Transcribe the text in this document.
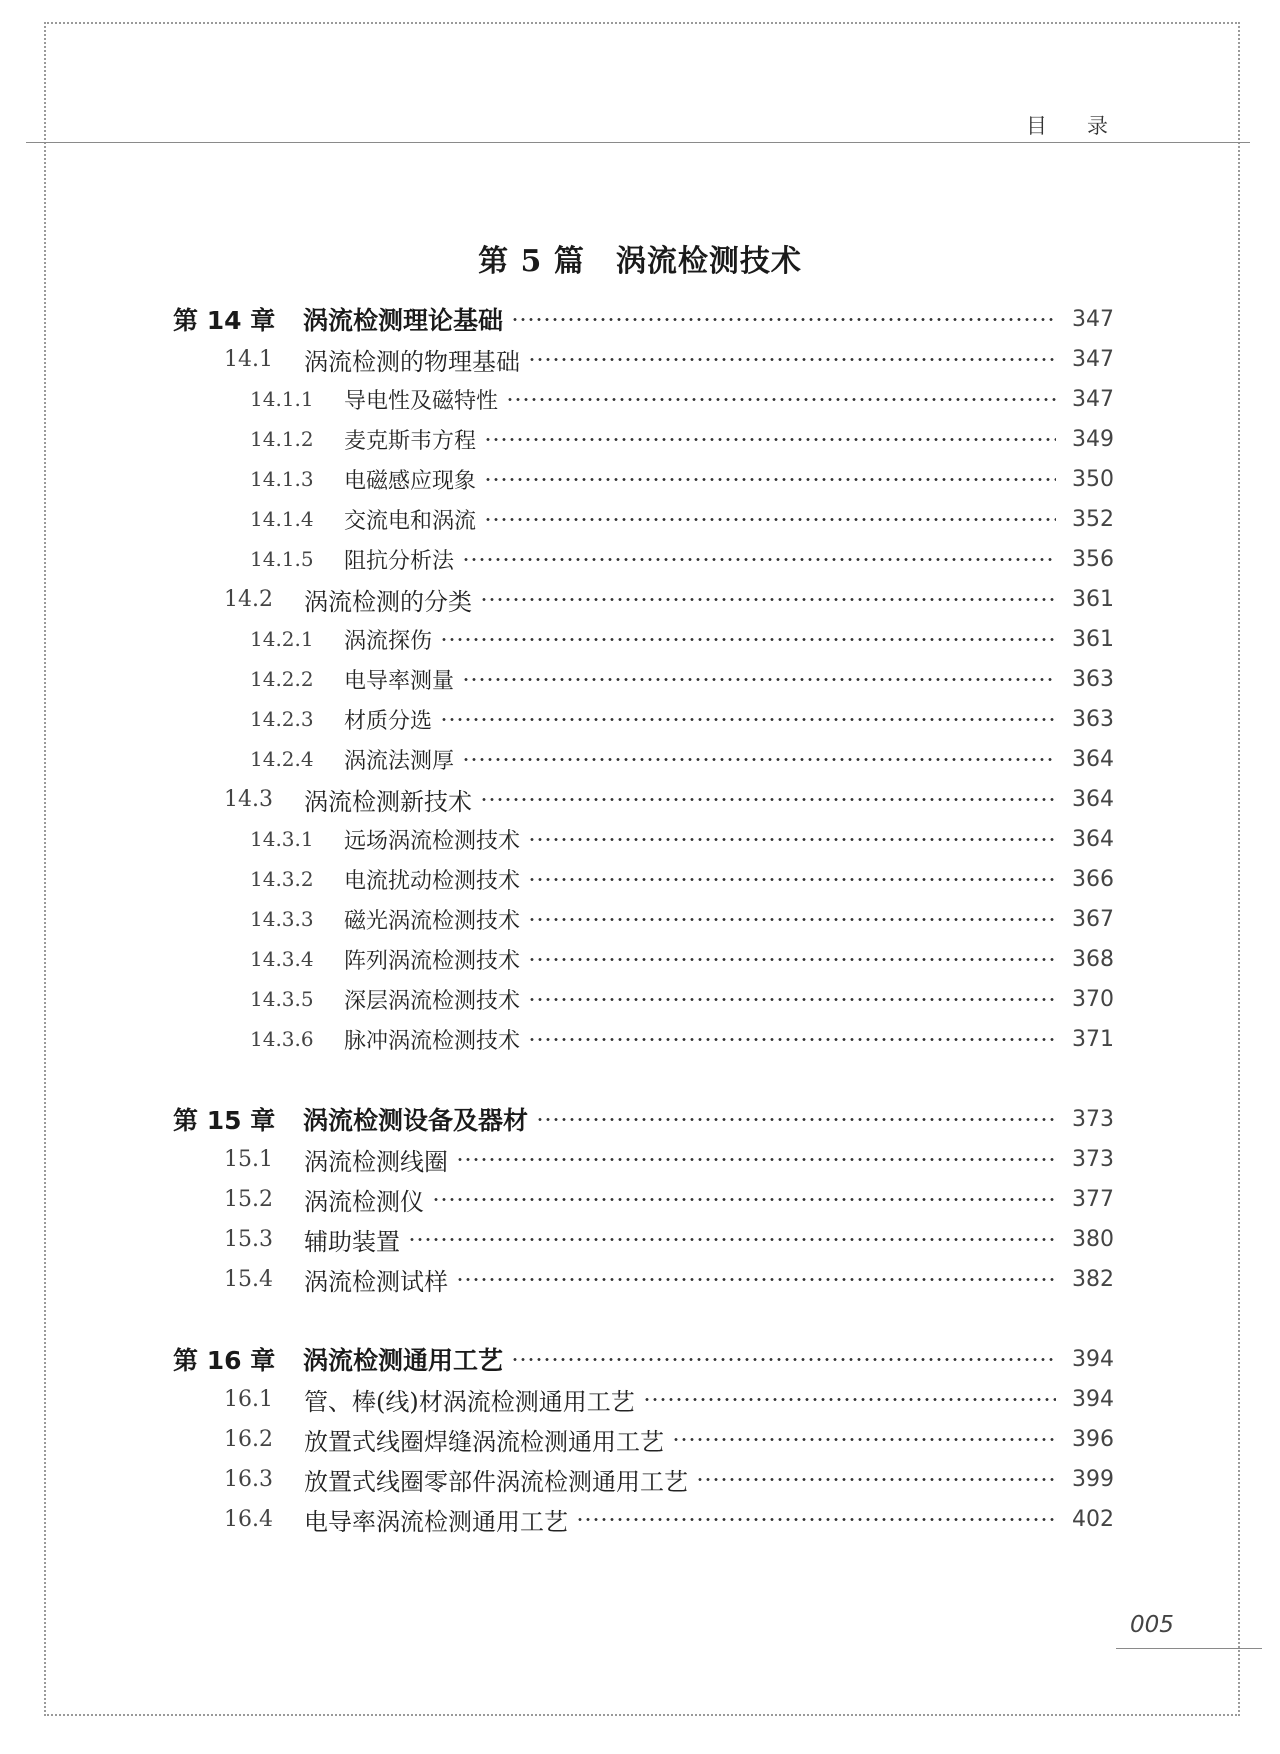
目录
第 5 篇　涡流检测技术
第 14 章	涡流检测理论基础	347
14.1	涡流检测的物理基础	347
14.1.1	导电性及磁特性	347
14.1.2	麦克斯韦方程	349
14.1.3	电磁感应现象	350
14.1.4	交流电和涡流	352
14.1.5	阻抗分析法	356
14.2	涡流检测的分类	361
14.2.1	涡流探伤	361
14.2.2	电导率测量	363
14.2.3	材质分选	363
14.2.4	涡流法测厚	364
14.3	涡流检测新技术	364
14.3.1	远场涡流检测技术	364
14.3.2	电流扰动检测技术	366
14.3.3	磁光涡流检测技术	367
14.3.4	阵列涡流检测技术	368
14.3.5	深层涡流检测技术	370
14.3.6	脉冲涡流检测技术	371
第 15 章	涡流检测设备及器材	373
15.1	涡流检测线圈	373
15.2	涡流检测仪	377
15.3	辅助装置	380
15.4	涡流检测试样	382
第 16 章	涡流检测通用工艺	394
16.1	管、棒(线)材涡流检测通用工艺	394
16.2	放置式线圈焊缝涡流检测通用工艺	396
16.3	放置式线圈零部件涡流检测通用工艺	399
16.4	电导率涡流检测通用工艺	402
005
